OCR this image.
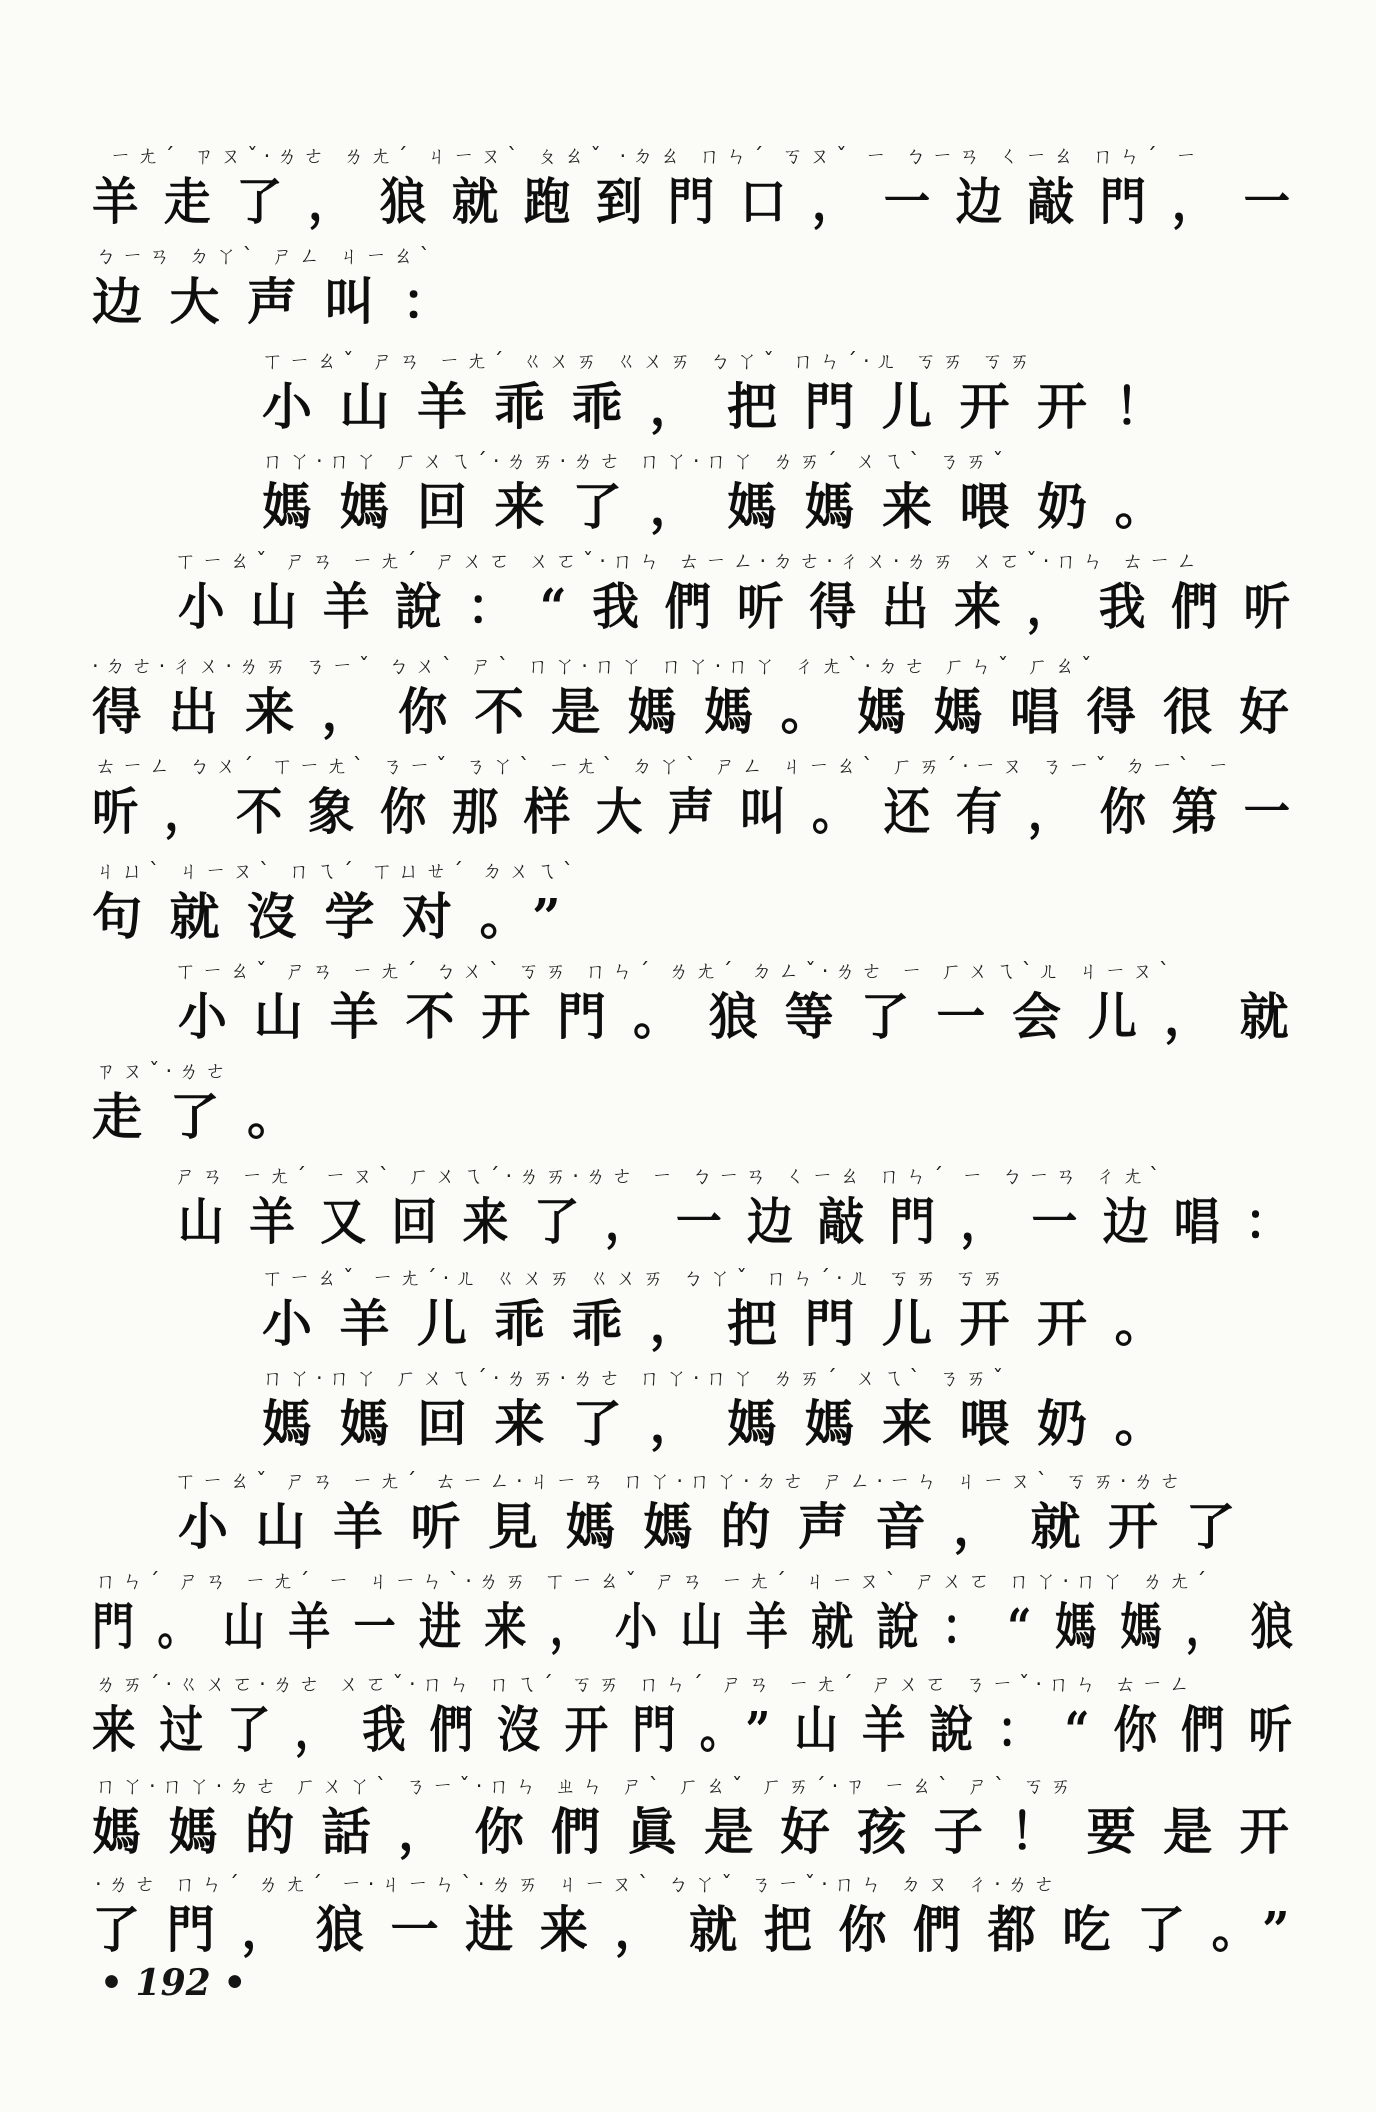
ㄧㄤˊ ㄗㄡˇ·ㄌㄜ ㄌㄤˊ ㄐㄧㄡˋ ㄆㄠˇ ·ㄉㄠ ㄇㄣˊ ㄎㄡˇ ㄧ ㄅㄧㄢ ㄑㄧㄠ ㄇㄣˊ ㄧ
羊走了，狼就跑到門口，一边敲門，一
ㄅㄧㄢ ㄉㄚˋ ㄕㄥ ㄐㄧㄠˋ
边大声叫：
ㄒㄧㄠˇ ㄕㄢ ㄧㄤˊ ㄍㄨㄞ ㄍㄨㄞ ㄅㄚˇ ㄇㄣˊ·ㄦ ㄎㄞ ㄎㄞ
小山羊乖乖，把門儿开开！
ㄇㄚ·ㄇㄚ ㄏㄨㄟˊ·ㄌㄞ·ㄌㄜ ㄇㄚ·ㄇㄚ ㄌㄞˊ ㄨㄟˋ ㄋㄞˇ
媽媽回来了，媽媽来喂奶。
ㄒㄧㄠˇ ㄕㄢ ㄧㄤˊ ㄕㄨㄛ ㄨㄛˇ·ㄇㄣ ㄊㄧㄥ·ㄉㄜ·ㄔㄨ·ㄌㄞ ㄨㄛˇ·ㄇㄣ ㄊㄧㄥ
小山羊說：“我們听得出来，我們听
·ㄉㄜ·ㄔㄨ·ㄌㄞ ㄋㄧˇ ㄅㄨˋ ㄕˋ ㄇㄚ·ㄇㄚ ㄇㄚ·ㄇㄚ ㄔㄤˋ·ㄉㄜ ㄏㄣˇ ㄏㄠˇ
得出来，你不是媽媽。媽媽唱得很好
ㄊㄧㄥ ㄅㄨˊ ㄒㄧㄤˋ ㄋㄧˇ ㄋㄚˋ ㄧㄤˋ ㄉㄚˋ ㄕㄥ ㄐㄧㄠˋ ㄏㄞˊ·ㄧㄡ ㄋㄧˇ ㄉㄧˋ ㄧ
听，不象你那样大声叫。还有，你第一
ㄐㄩˋ ㄐㄧㄡˋ ㄇㄟˊ ㄒㄩㄝˊ ㄉㄨㄟˋ
句就沒学对。”
ㄒㄧㄠˇ ㄕㄢ ㄧㄤˊ ㄅㄨˋ ㄎㄞ ㄇㄣˊ ㄌㄤˊ ㄉㄥˇ·ㄌㄜ ㄧ ㄏㄨㄟˋㄦ ㄐㄧㄡˋ
小山羊不开門。狼等了一会儿，就
ㄗㄡˇ·ㄌㄜ
走了。
ㄕㄢ ㄧㄤˊ ㄧㄡˋ ㄏㄨㄟˊ·ㄌㄞ·ㄌㄜ ㄧ ㄅㄧㄢ ㄑㄧㄠ ㄇㄣˊ ㄧ ㄅㄧㄢ ㄔㄤˋ
山羊又回来了，一边敲門，一边唱：
ㄒㄧㄠˇ ㄧㄤˊ·ㄦ ㄍㄨㄞ ㄍㄨㄞ ㄅㄚˇ ㄇㄣˊ·ㄦ ㄎㄞ ㄎㄞ
小羊儿乖乖，把門儿开开。
ㄇㄚ·ㄇㄚ ㄏㄨㄟˊ·ㄌㄞ·ㄌㄜ ㄇㄚ·ㄇㄚ ㄌㄞˊ ㄨㄟˋ ㄋㄞˇ
媽媽回来了，媽媽来喂奶。
ㄒㄧㄠˇ ㄕㄢ ㄧㄤˊ ㄊㄧㄥ·ㄐㄧㄢ ㄇㄚ·ㄇㄚ·ㄉㄜ ㄕㄥ·ㄧㄣ ㄐㄧㄡˋ ㄎㄞ·ㄌㄜ
小山羊听見媽媽的声音，就开了
ㄇㄣˊ ㄕㄢ ㄧㄤˊ ㄧ ㄐㄧㄣˋ·ㄌㄞ ㄒㄧㄠˇ ㄕㄢ ㄧㄤˊ ㄐㄧㄡˋ ㄕㄨㄛ ㄇㄚ·ㄇㄚ ㄌㄤˊ
門。山羊一进来，小山羊就說：“媽媽，狼
ㄌㄞˊ·ㄍㄨㄛ·ㄌㄜ ㄨㄛˇ·ㄇㄣ ㄇㄟˊ ㄎㄞ ㄇㄣˊ ㄕㄢ ㄧㄤˊ ㄕㄨㄛ ㄋㄧˇ·ㄇㄣ ㄊㄧㄥ
来过了，我們沒开門。”山羊說：“你們听
ㄇㄚ·ㄇㄚ·ㄉㄜ ㄏㄨㄚˋ ㄋㄧˇ·ㄇㄣ ㄓㄣ ㄕˋ ㄏㄠˇ ㄏㄞˊ·ㄗ ㄧㄠˋ ㄕˋ ㄎㄞ
媽媽的話，你們眞是好孩子！要是开
·ㄌㄜ ㄇㄣˊ ㄌㄤˊ ㄧ·ㄐㄧㄣˋ·ㄌㄞ ㄐㄧㄡˋ ㄅㄚˇ ㄋㄧˇ·ㄇㄣ ㄉㄡ ㄔ·ㄌㄜ
了門，狼一进来，就把你們都吃了。”
• 192 •
